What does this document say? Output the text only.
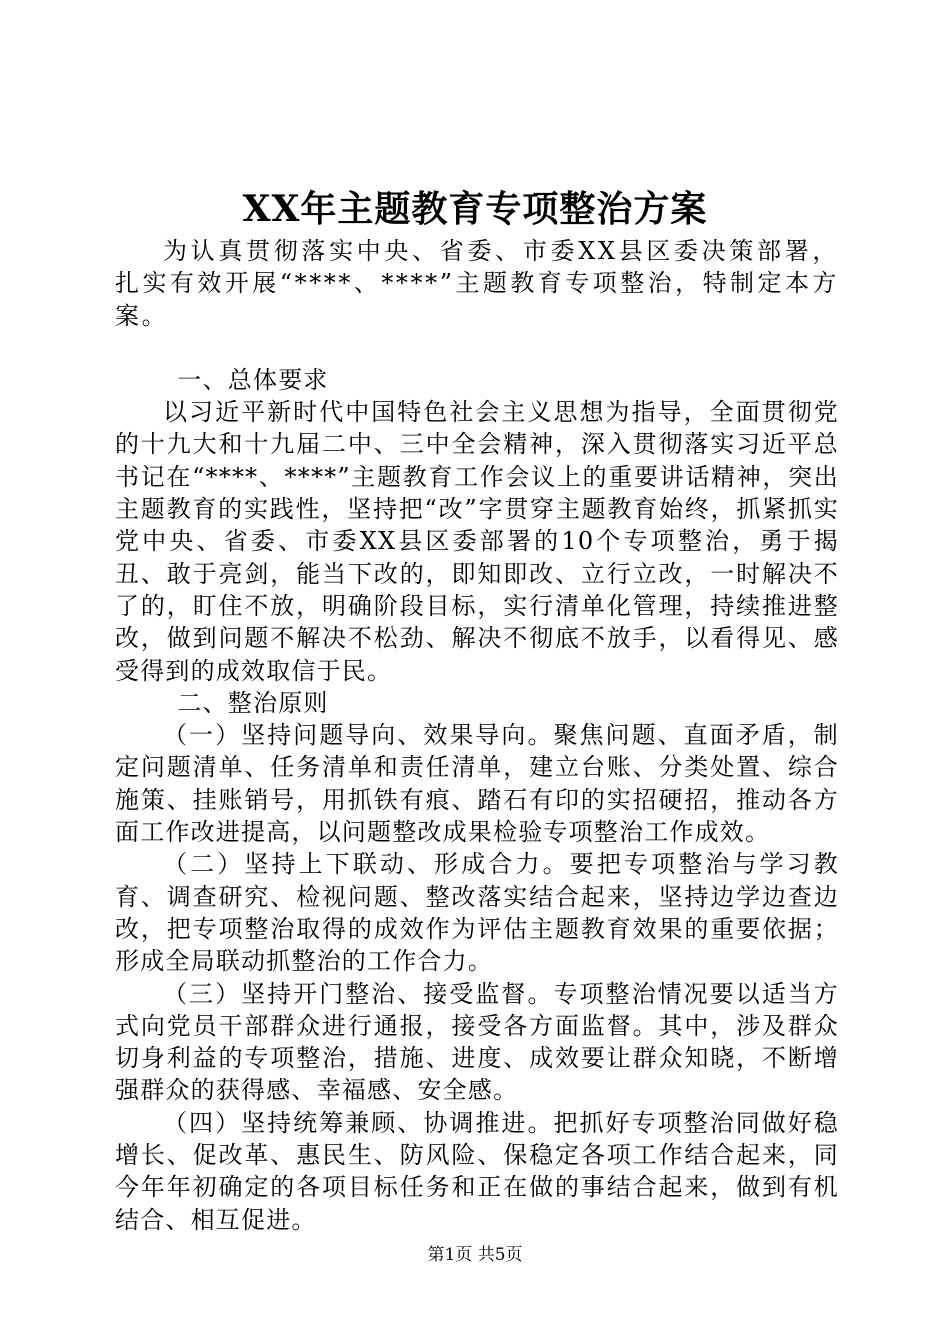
XX年主题教育专项整治方案

为认真贯彻落实中央、省委、市委XX县区委决策部署，扎实有效开展“****、****”主题教育专项整治，特制定本方案。

一、总体要求

以习近平新时代中国特色社会主义思想为指导，全面贯彻党的十九大和十九届二中、三中全会精神，深入贯彻落实习近平总书记在“****、****”主题教育工作会议上的重要讲话精神，突出主题教育的实践性，坚持把“改”字贯穿主题教育始终，抓紧抓实党中央、省委、市委XX县区委部署的10个专项整治，勇于揭丑、敢于亮剑，能当下改的，即知即改、立行立改，一时解决不了的，盯住不放，明确阶段目标，实行清单化管理，持续推进整改，做到问题不解决不松劲、解决不彻底不放手，以看得见、感受得到的成效取信于民。

二、整治原则

（一）坚持问题导向、效果导向。聚焦问题、直面矛盾，制定问题清单、任务清单和责任清单，建立台账、分类处置、综合施策、挂账销号，用抓铁有痕、踏石有印的实招硬招，推动各方面工作改进提高，以问题整改成果检验专项整治工作成效。

（二）坚持上下联动、形成合力。要把专项整治与学习教育、调查研究、检视问题、整改落实结合起来，坚持边学边查边改，把专项整治取得的成效作为评估主题教育效果的重要依据；形成全局联动抓整治的工作合力。

（三）坚持开门整治、接受监督。专项整治情况要以适当方式向党员干部群众进行通报，接受各方面监督。其中，涉及群众切身利益的专项整治，措施、进度、成效要让群众知晓，不断增强群众的获得感、幸福感、安全感。

（四）坚持统筹兼顾、协调推进。把抓好专项整治同做好稳增长、促改革、惠民生、防风险、保稳定各项工作结合起来，同今年年初确定的各项目标任务和正在做的事结合起来，做到有机结合、相互促进。

第1页 共5页
